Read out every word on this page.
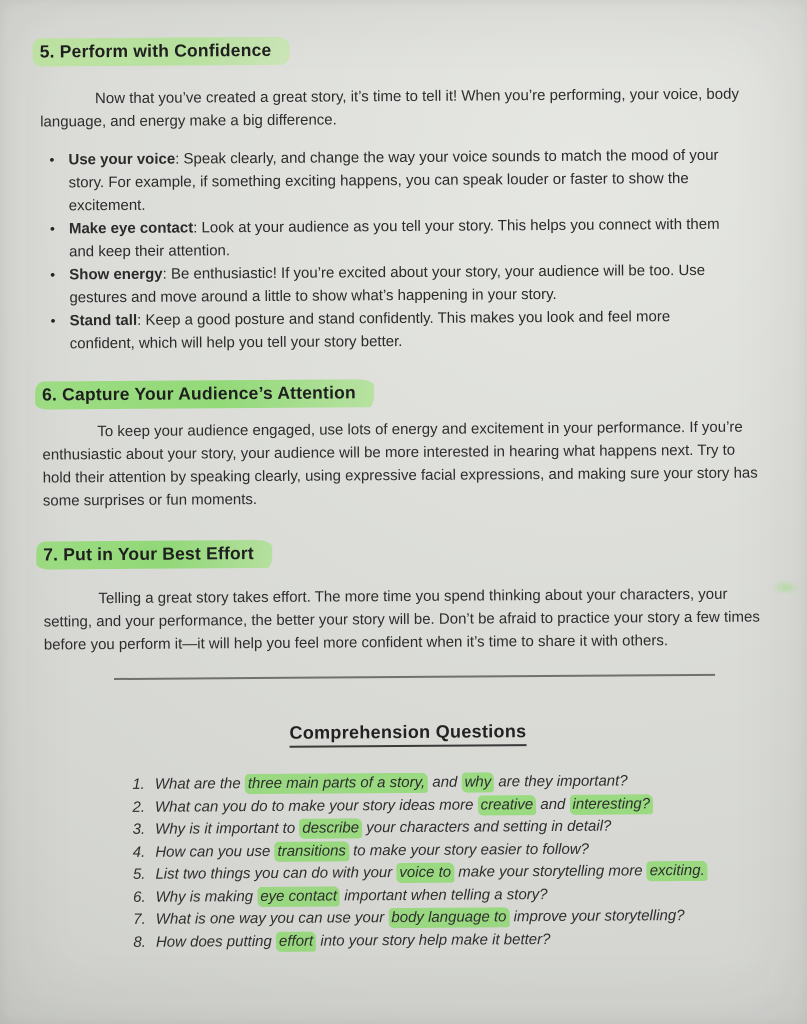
5. Perform with Confidence

Now that you’ve created a great story, it’s time to tell it! When you’re performing, your voice, body language, and energy make a big difference.

• Use your voice: Speak clearly, and change the way your voice sounds to match the mood of your story. For example, if something exciting happens, you can speak louder or faster to show the excitement.
• Make eye contact: Look at your audience as you tell your story. This helps you connect with them and keep their attention.
• Show energy: Be enthusiastic! If you’re excited about your story, your audience will be too. Use gestures and move around a little to show what’s happening in your story.
• Stand tall: Keep a good posture and stand confidently. This makes you look and feel more confident, which will help you tell your story better.
6. Capture Your Audience’s Attention

To keep your audience engaged, use lots of energy and excitement in your performance. If you’re enthusiastic about your story, your audience will be more interested in hearing what happens next. Try to hold their attention by speaking clearly, using expressive facial expressions, and making sure your story has some surprises or fun moments.

7. Put in Your Best Effort

Telling a great story takes effort. The more time you spend thinking about your characters, your setting, and your performance, the better your story will be. Don’t be afraid to practice your story a few times before you perform it—it will help you feel more confident when it’s time to share it with others.

Comprehension Questions
1. What are the three main parts of a story, and why are they important?
2. What can you do to make your story ideas more creative and interesting?
3. Why is it important to describe your characters and setting in detail?
4. How can you use transitions to make your story easier to follow?
5. List two things you can do with your voice to make your storytelling more exciting.
6. Why is making eye contact important when telling a story?
7. What is one way you can use your body language to improve your storytelling?
8. How does putting effort into your story help make it better?
